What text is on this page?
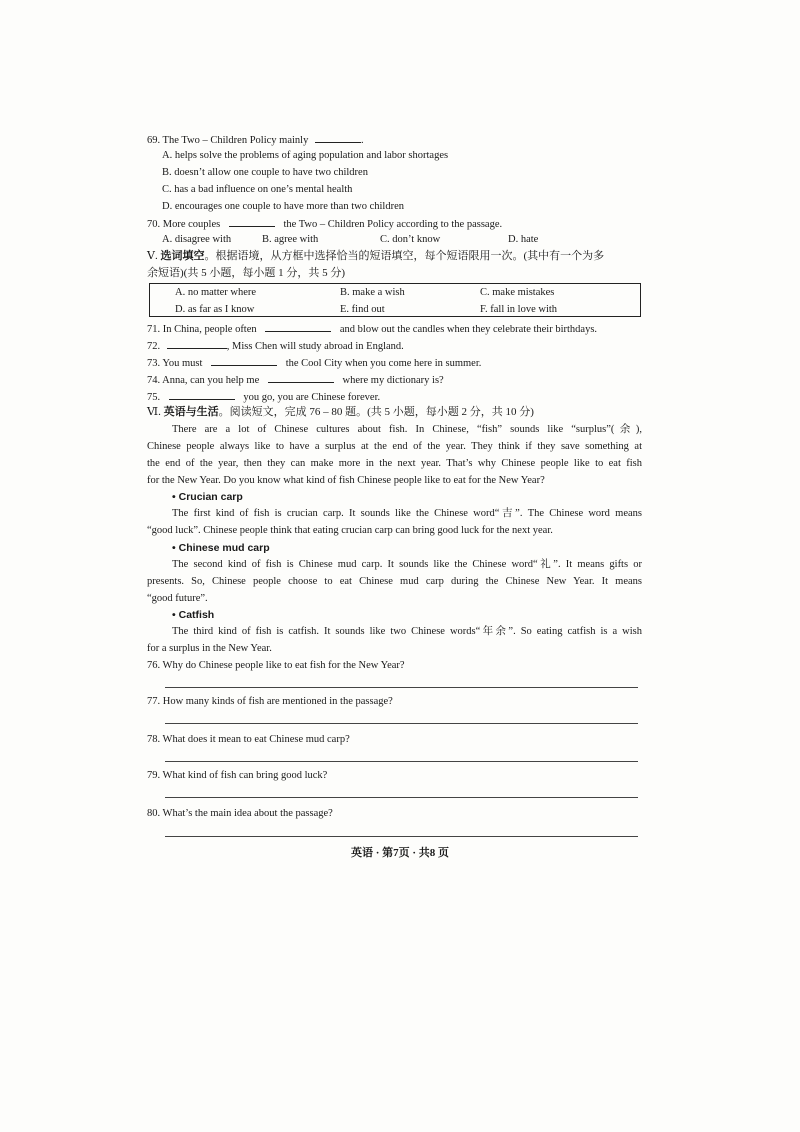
69. The Two – Children Policy mainly	.
A. helps solve the problems of aging population and labor shortages
B. doesn’t allow one couple to have two children
C. has a bad influence on one’s mental health
D. encourages one couple to have more than two children
70. More couples	the Two – Children Policy according to the passage.
A. disagree with	B. agree with	C. don’t know	D. hate
Ⅴ. 选词填空。根据语境，从方框中选择恰当的短语填空，每个短语限用一次。(其中有一个为多
余短语)(共 5 小题，每小题 1 分，共 5 分)
A. no matter where	B. make a wish	C. make mistakes
D. as far as I know	E. find out	F. fall in love with
71. In China, people often	and blow out the candles when they celebrate their birthdays.
72.	, Miss Chen will study abroad in England.
73. You must	the Cool City when you come here in summer.
74. Anna, can you help me	where my dictionary is?
75.	you go, you are Chinese forever.
Ⅵ. 英语与生活。阅读短文，完成 76 – 80 题。(共 5 小题，每小题 2 分，共 10 分)
There are a lot of Chinese cultures about fish. In Chinese, “fish” sounds like “surplus”(余),
Chinese people always like to have a surplus at the end of the year. They think if they save something at
the end of the year, then they can make more in the next year. That’s why Chinese people like to eat fish
for the New Year. Do you know what kind of fish Chinese people like to eat for the New Year?
• Crucian carp
The first kind of fish is crucian carp. It sounds like the Chinese word“吉”. The Chinese word means
“good luck”. Chinese people think that eating crucian carp can bring good luck for the next year.
• Chinese mud carp
The second kind of fish is Chinese mud carp. It sounds like the Chinese word“礼”. It means gifts or
presents. So, Chinese people choose to eat Chinese mud carp during the Chinese New Year. It means
“good future”.
• Catfish
The third kind of fish is catfish. It sounds like two Chinese words“年余”. So eating catfish is a wish
for a surplus in the New Year.
76. Why do Chinese people like to eat fish for the New Year?
77. How many kinds of fish are mentioned in the passage?
78. What does it mean to eat Chinese mud carp?
79. What kind of fish can bring good luck?
80. What’s the main idea about the passage?
英语 · 第7页 · 共8 页
